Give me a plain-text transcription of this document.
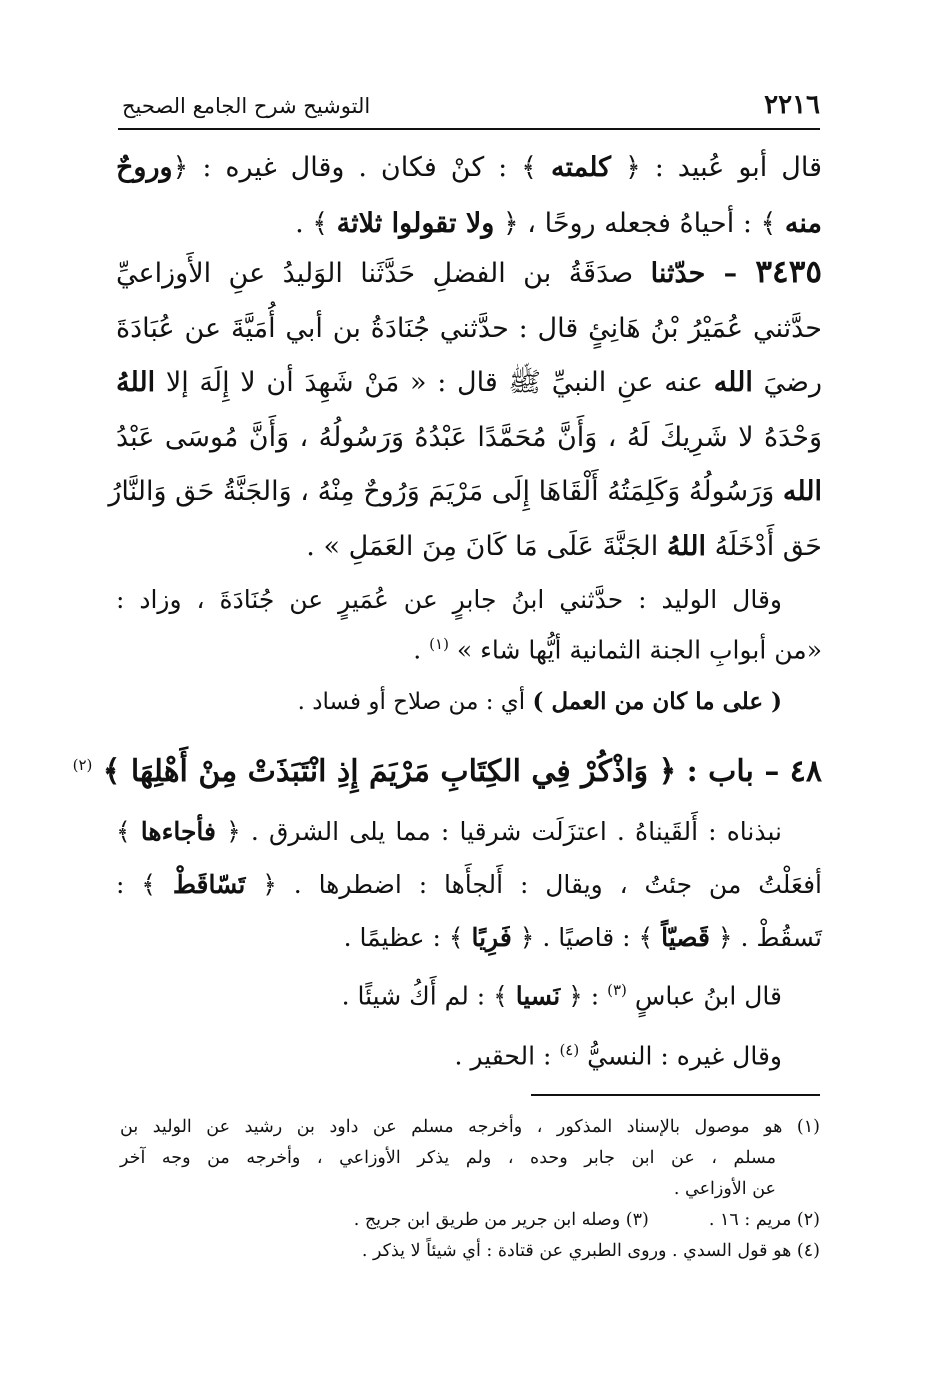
٢٢١٦
التوشيح شرح الجامع الصحيح
قال أبو عُبيد : ﴿ كلمته ﴾ : كنْ فكان . وقال غيره : ﴿وروحٌ
منه ﴾ : أحياهُ فجعله روحًا ، ﴿ ولا تقولوا ثلاثة ﴾ .
٣٤٣٥ – حدّثنا صدَقَةُ بن الفضلِ حَدَّثَنا الوَليدُ عنِ الأَوزاعيِّ
حدَّثني عُمَيْرُ بْنُ هَانِئٍ قال : حدَّثني جُنَادَةُ بن أبي أُمَيَّةَ عن عُبَادَةَ
رضيَ الله عنه عنِ النبيِّ ﷺ قال : « مَنْ شَهِدَ أن لا إِلَهَ إلا اللهُ
وَحْدَهُ لا شَرِيكَ لَهُ ، وَأَنَّ مُحَمَّدًا عَبْدُهُ وَرَسُولُهُ ، وَأَنَّ مُوسَى عَبْدُ
الله وَرَسُولُهُ وَكَلِمَتُهُ أَلْقَاهَا إِلَى مَرْيَمَ وَرُوحٌ مِنْهُ ، وَالجَنَّةُ حَق وَالنَّارُ
حَق أَدْخَلَهُ اللهُ الجَنَّةَ عَلَى مَا كَانَ مِنَ العَمَلِ » .
وقال الوليد : حدَّثني ابنُ جابرٍ عن عُمَيرٍ عن جُنَادَةَ ، وزاد :
«من أبوابِ الجنة الثمانية أيُّها شاء » $^{(١)}$ .
( على ما كان من العمل ) أي : من صلاح أو فساد .
٤٨ – باب : ﴿ وَاذْكُرْ فِي الكِتَابِ مَرْيَمَ إِذِ انْتَبَذَتْ مِنْ أَهْلِهَا ﴾ $^{(٢)}$
نبذناه : أَلقَيناهُ . اعتزَلَت شرقيا : مما يلى الشرق . ﴿ فأجاءها ﴾
أفعَلْتُ من جئتُ ، ويقال : أَلجأَها : اضطرها . ﴿ تَسّاقَطْ ﴾ :
تَسقُطْ . ﴿ قَصيّاً ﴾ : قاصيًا . ﴿ فَرِيًا ﴾ : عظيمًا .
قال ابنُ عباسٍ $^{(٣)}$ : ﴿ نَسيا ﴾ : لم أَكُ شيئًا .
وقال غيره : النسيُّ $^{(٤)}$ : الحقير .
(١) هو موصول بالإسناد المذكور ، وأخرجه مسلم عن داود بن رشيد عن الوليد بن
مسلم ، عن ابن جابر وحده ، ولم يذكر الأوزاعي ، وأخرجه من وجه آخر
عن الأوزاعي .
(٢) مريم : ١٦ .(٣) وصله ابن جرير من طريق ابن جريج .
(٤) هو قول السدي . وروى الطبري عن قتادة : أي شيئاً لا يذكر .
